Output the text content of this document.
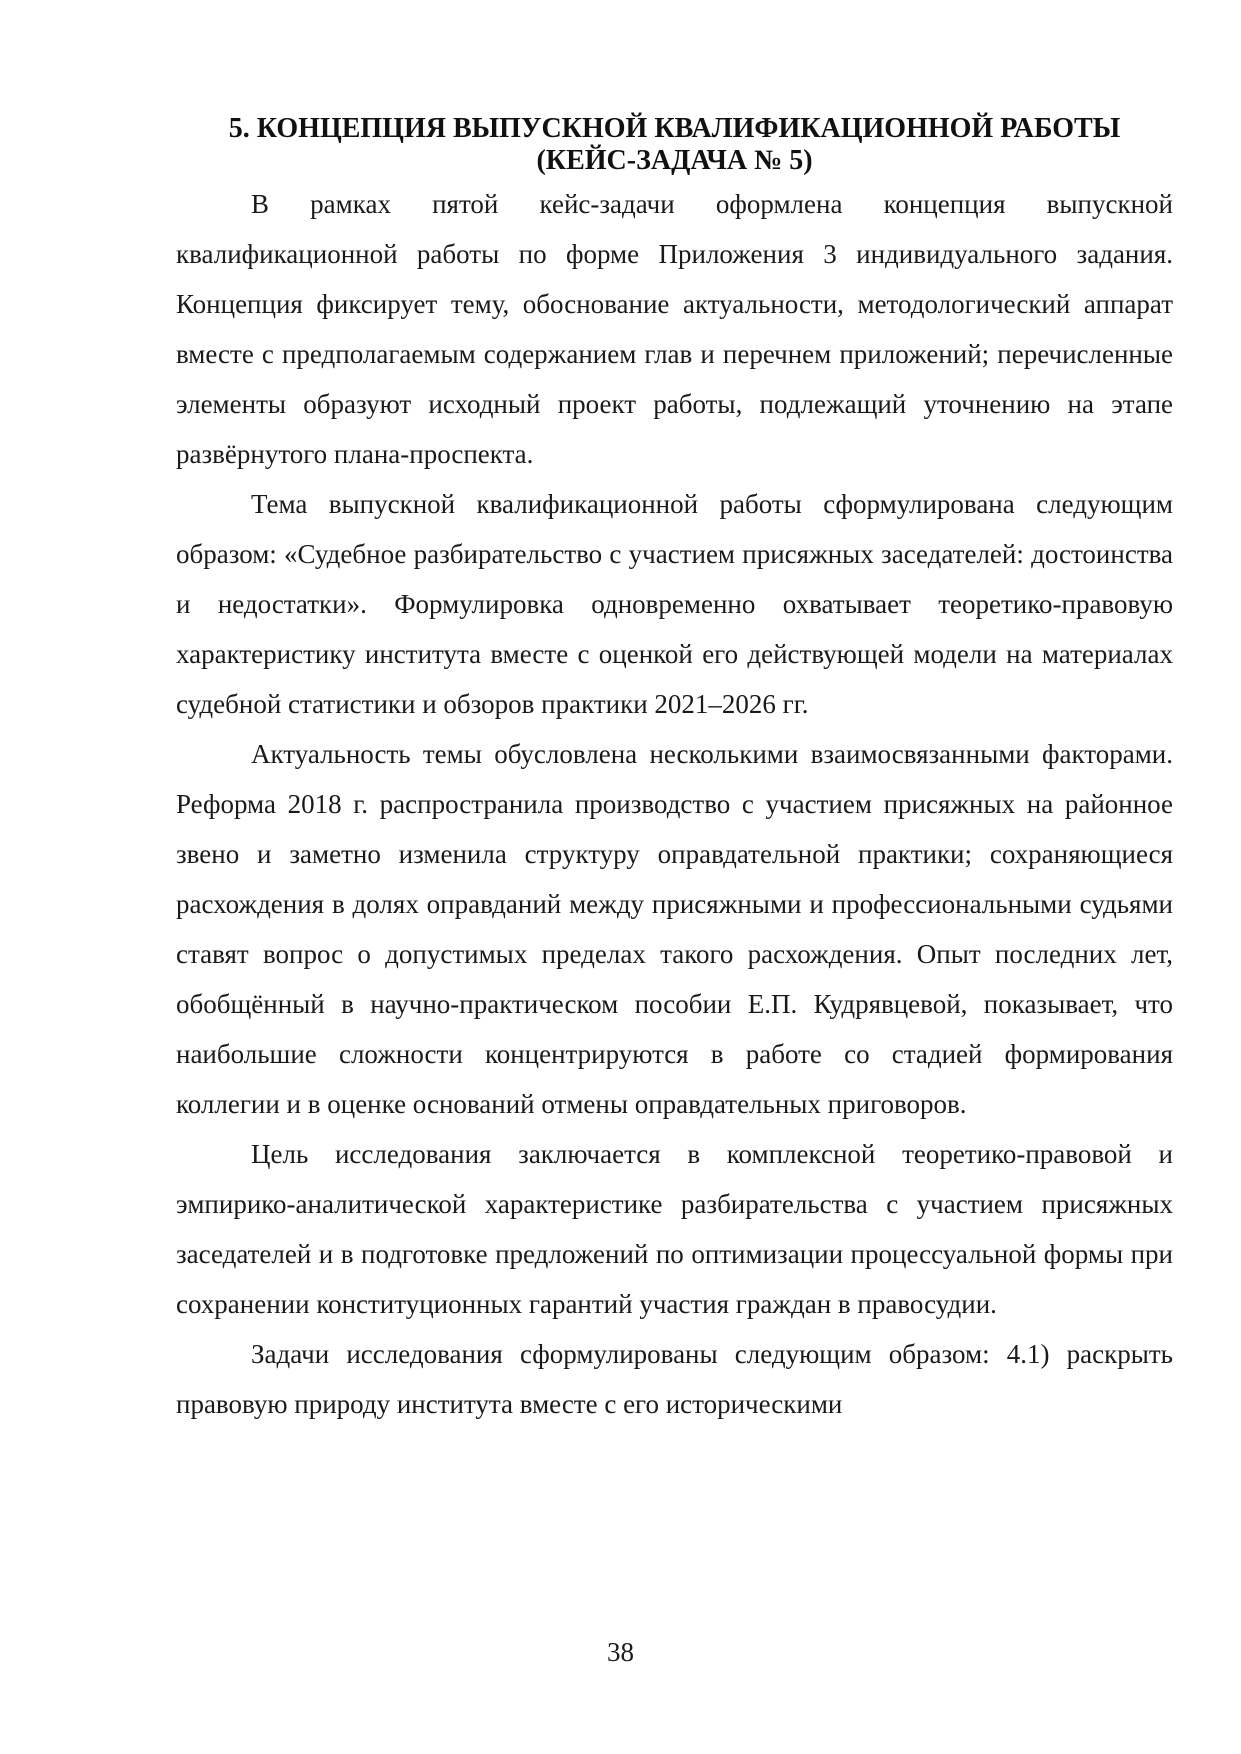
5. КОНЦЕПЦИЯ ВЫПУСКНОЙ КВАЛИФИКАЦИОННОЙ РАБОТЫ
(КЕЙС-ЗАДАЧА № 5)

В рамках пятой кейс-задачи оформлена концепция выпускной квалификационной работы по форме Приложения 3 индивидуального задания. Концепция фиксирует тему, обоснование актуальности, методологический аппарат вместе с предполагаемым содержанием глав и перечнем приложений; перечисленные элементы образуют исходный проект работы, подлежащий уточнению на этапе развёрнутого плана-проспекта.

Тема выпускной квалификационной работы сформулирована следующим образом: «Судебное разбирательство с участием присяжных заседателей: достоинства и недостатки». Формулировка одновременно охватывает теоретико-правовую характеристику института вместе с оценкой его действующей модели на материалах судебной статистики и обзоров практики 2021–2026 гг.

Актуальность темы обусловлена несколькими взаимосвязанными факторами. Реформа 2018 г. распространила производство с участием присяжных на районное звено и заметно изменила структуру оправдательной практики; сохраняющиеся расхождения в долях оправданий между присяжными и профессиональными судьями ставят вопрос о допустимых пределах такого расхождения. Опыт последних лет, обобщённый в научно-практическом пособии Е.П. Кудрявцевой, показывает, что наибольшие сложности концентрируются в работе со стадией формирования коллегии и в оценке оснований отмены оправдательных приговоров.

Цель исследования заключается в комплексной теоретико-правовой и эмпирико-аналитической характеристике разбирательства с участием присяжных заседателей и в подготовке предложений по оптимизации процессуальной формы при сохранении конституционных гарантий участия граждан в правосудии.

Задачи исследования сформулированы следующим образом: 4.1) раскрыть правовую природу института вместе с его историческими

38
